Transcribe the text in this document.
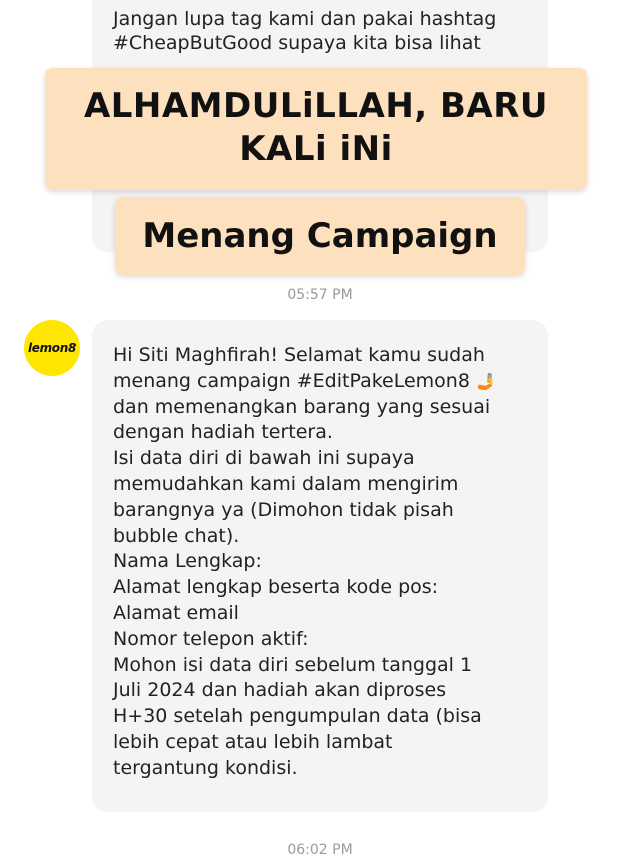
Jangan lupa tag kami dan pakai hashtag
#CheapButGood supaya kita bisa lihat
05:57 PM
lemon8 Hi Siti Maghfirah! Selamat kamu sudah
menang campaign #EditPakeLemon8 🤳
dan memenangkan barang yang sesuai
dengan hadiah tertera.
Isi data diri di bawah ini supaya
memudahkan kami dalam mengirim
barangnya ya (Dimohon tidak pisah
bubble chat).
Nama Lengkap:
Alamat lengkap beserta kode pos:
Alamat email
Nomor telepon aktif:
Mohon isi data diri sebelum tanggal 1
Juli 2024 dan hadiah akan diproses
H+30 setelah pengumpulan data (bisa
lebih cepat atau lebih lambat
tergantung kondisi.
06:02 PM
ALHAMDULiLLAH, BARU
KALi iNi
Menang Campaign
